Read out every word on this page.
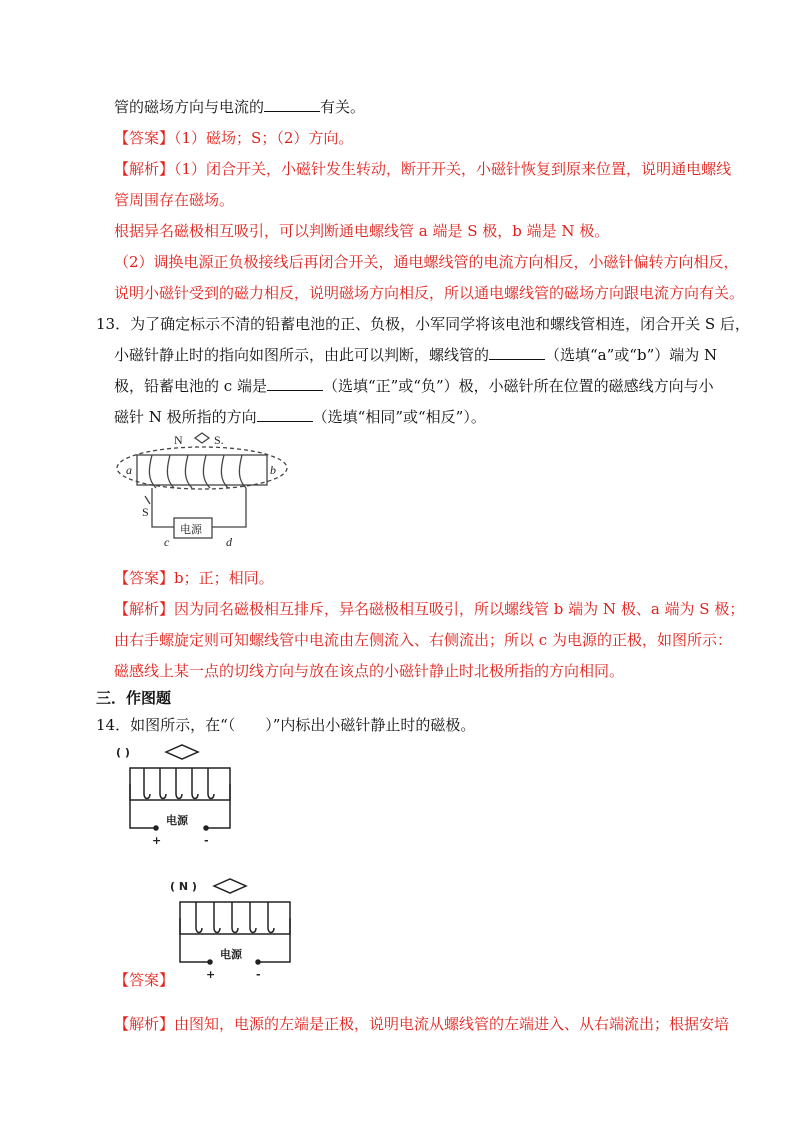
管的磁场方向与电流的	有关。
【答案】（1）磁场；S；（2）方向。
【解析】（1）闭合开关，小磁针发生转动，断开开关，小磁针恢复到原来位置，说明通电螺线
管周围存在磁场。
根据异名磁极相互吸引，可以判断通电螺线管 a 端是 S 极，b 端是 N 极。
（2）调换电源正负极接线后再闭合开关，通电螺线管的电流方向相反，小磁针偏转方向相反，
说明小磁针受到的磁力相反，说明磁场方向相反，所以通电螺线管的磁场方向跟电流方向有关。
13．为了确定标示不清的铅蓄电池的正、负极，小军同学将该电池和螺线管相连，闭合开关 S 后，
小磁针静止时的指向如图所示，由此可以判断，螺线管的	（选填“a”或“b”）端为 N
极，铅蓄电池的 c 端是	（选填“正”或“负”）极，小磁针所在位置的磁感线方向与小
磁针 N 极所指的方向	（选填“相同”或“相反”）。
N	S.
a	b
S
电源
c	d
【答案】b；正；相同。
【解析】因为同名磁极相互排斥，异名磁极相互吸引，所以螺线管 b 端为 N 极、a 端为 S 极；
由右手螺旋定则可知螺线管中电流由左侧流入、右侧流出；所以 c 为电源的正极，如图所示：
磁感线上某一点的切线方向与放在该点的小磁针静止时北极所指的方向相同。
三．作图题
14．如图所示，在“（　　）”内标出小磁针静止时的磁极。
( )
电源
+	-
( N )
电源
+	-
【答案】
【解析】由图知，电源的左端是正极，说明电流从螺线管的左端进入、从右端流出；根据安培
